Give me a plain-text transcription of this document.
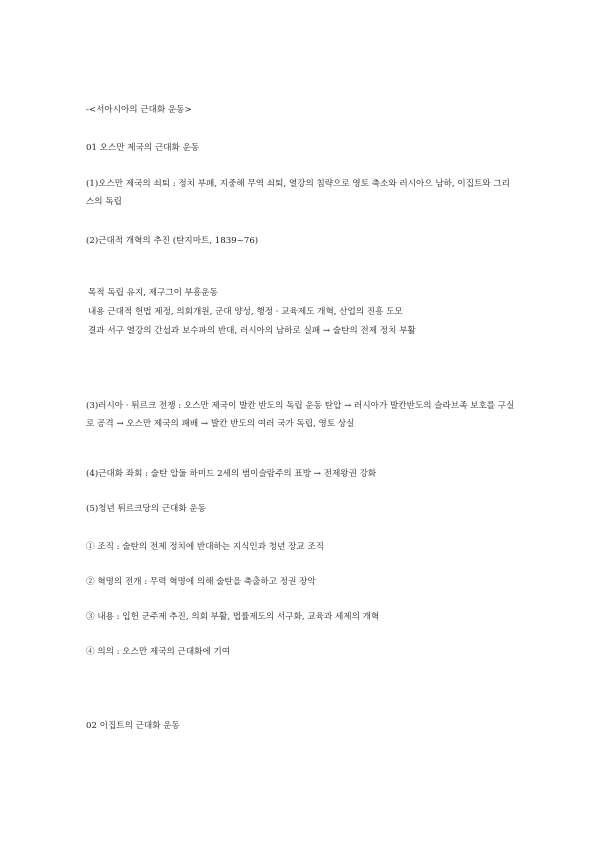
-<서아시아의 근대화 운동>
01 오스만 제국의 근대화 운동
(1)오스만 제국의 쇠퇴 : 정치 부패, 지중해 무역 쇠퇴, 열강의 침략으로 영토 축소와 러시아으 남하, 이집트와 그리스의 독립
(2)근대적 개혁의 추진 (탄지마트, 1839~76)
목적 독립 유지, 제구그이 부흥운동
내용 근대적 헌법 제정, 의회개원, 군대 양성, 행정 · 교육제도 개혁, 산업의 진흥 도모
결과 서구 열강의 간섭과 보수파의 반대, 러시아의 남하로 실패 → 술탄의 전제 정치 부활
(3)러시아 · 튀르크 전쟁 : 오스만 제국이 발칸 반도의 독립 운동 탄압 → 러시아가 발칸반도의 슬라브족 보호를 구실로 공격 → 오스만 제국의 패배 → 발칸 반도의 여러 국가 독립, 영토 상실
(4)근대화 좌회 : 술탄 압둘 하미드 2세의 범이슬람주의 표방 → 전제왕권 강화
(5)청년 튀르크당의 근대화 운동
① 조직 : 술탄의 전제 정치에 반대하는 지식인과 청년 장교 조직
② 혁명의 전개 : 무력 혁명에 의해 술탄을 축출하고 정권 장악
③ 내용 : 입헌 군주제 추진, 의회 부활, 법률제도의 서구화, 교육과 세제의 개혁
④ 의의 : 오스만 제국의 근대화에 기여
02 이집트의 근대화 운동
